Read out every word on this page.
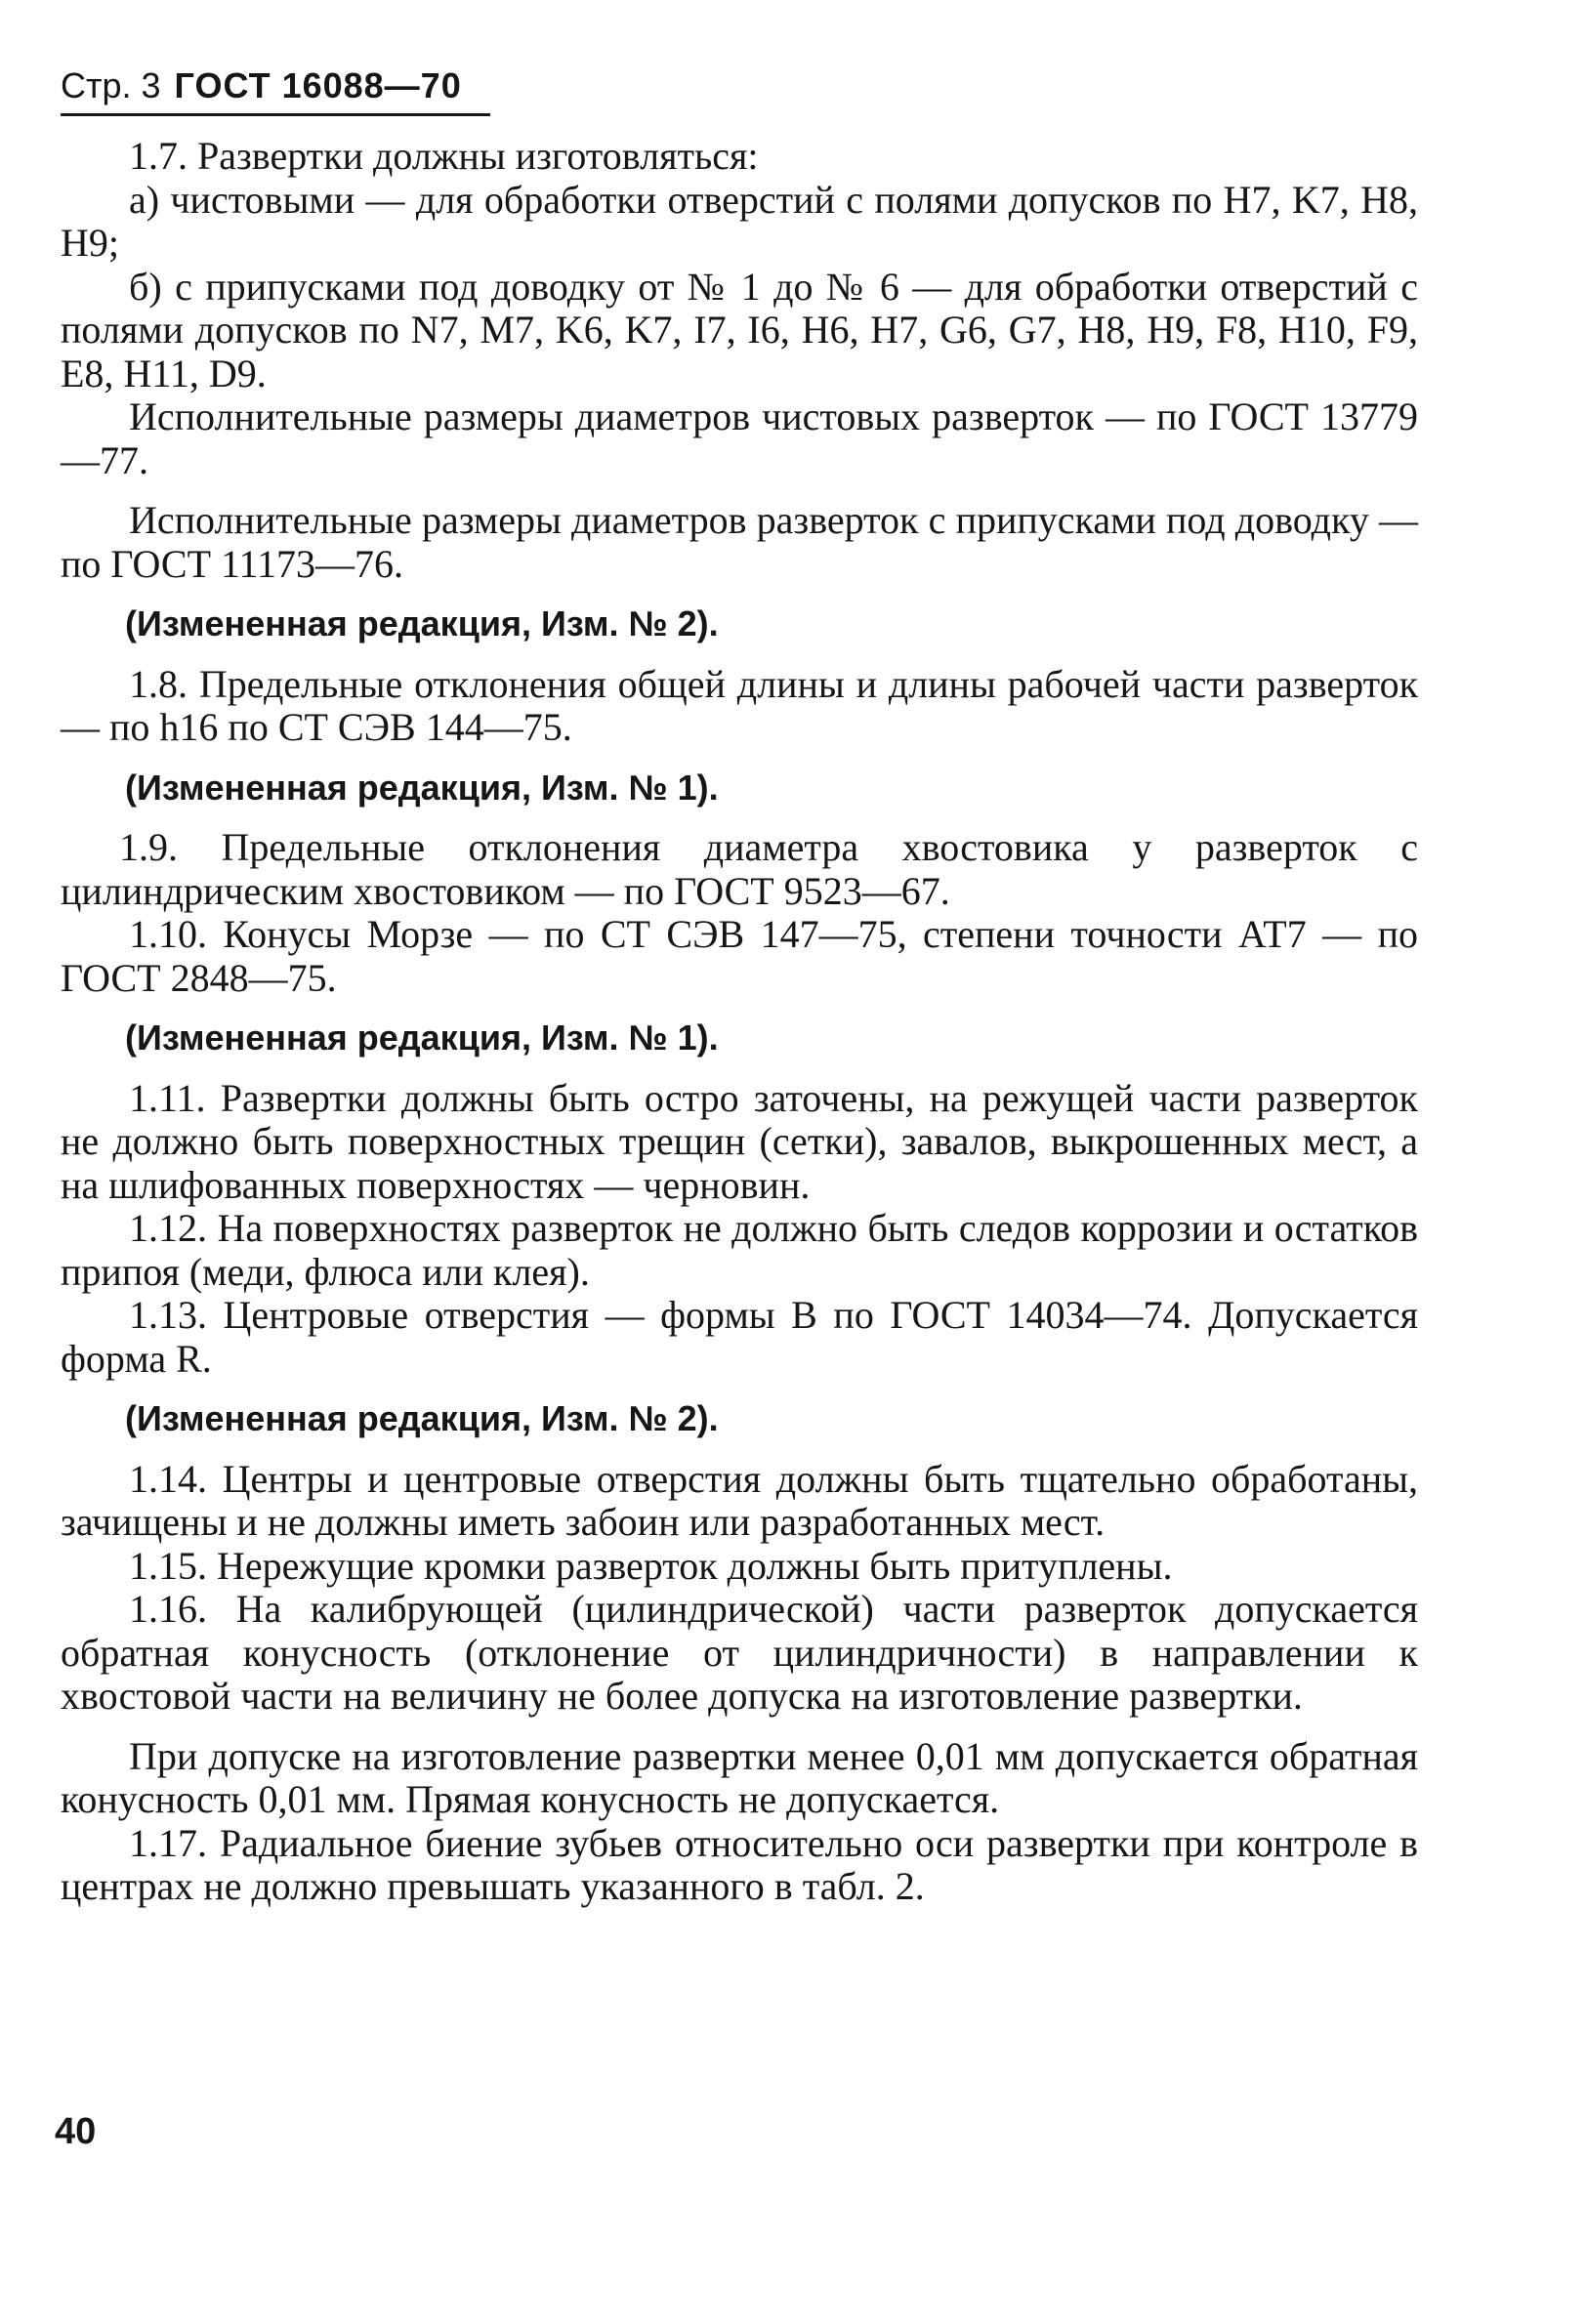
Стр. 3 ГОСТ 16088—70

1.7. Развертки должны изготовляться:

а) чистовыми — для обработки отверстий с полями допусков по H7, K7, H8, H9;

б) с припусками под доводку от № 1 до № 6 — для обработки отверстий с полями допусков по N7, M7, K6, K7, I7, I6, H6, H7, G6, G7, H8, H9, F8, H10, F9, E8, H11, D9.

Исполнительные размеры диаметров чистовых разверток — по ГОСТ 13779—77.

Исполнительные размеры диаметров разверток с припусками под доводку — по ГОСТ 11173—76.

(Измененная редакция, Изм. № 2).

1.8. Предельные отклонения общей длины и длины рабочей части разверток — по h16 по СТ СЭВ 144—75.

(Измененная редакция, Изм. № 1).

1.9. Предельные отклонения диаметра хвостовика у разверток с цилиндрическим хвостовиком — по ГОСТ 9523—67.

1.10. Конусы Морзе — по СТ СЭВ 147—75, степени точности АТ7 — по ГОСТ 2848—75.

(Измененная редакция, Изм. № 1).

1.11. Развертки должны быть остро заточены, на режущей части разверток не должно быть поверхностных трещин (сетки), завалов, выкрошенных мест, а на шлифованных поверхностях — черновин.

1.12. На поверхностях разверток не должно быть следов коррозии и остатков припоя (меди, флюса или клея).

1.13. Центровые отверстия — формы В по ГОСТ 14034—74. Допускается форма R.

(Измененная редакция, Изм. № 2).

1.14. Центры и центровые отверстия должны быть тщательно обработаны, зачищены и не должны иметь забоин или разработанных мест.

1.15. Нережущие кромки разверток должны быть притуплены.

1.16. На калибрующей (цилиндрической) части разверток допускается обратная конусность (отклонение от цилиндричности) в направлении к хвостовой части на величину не более допуска на изготовление развертки.

При допуске на изготовление развертки менее 0,01 мм допускается обратная конусность 0,01 мм. Прямая конусность не допускается.

1.17. Радиальное биение зубьев относительно оси развертки при контроле в центрах не должно превышать указанного в табл. 2.

40
